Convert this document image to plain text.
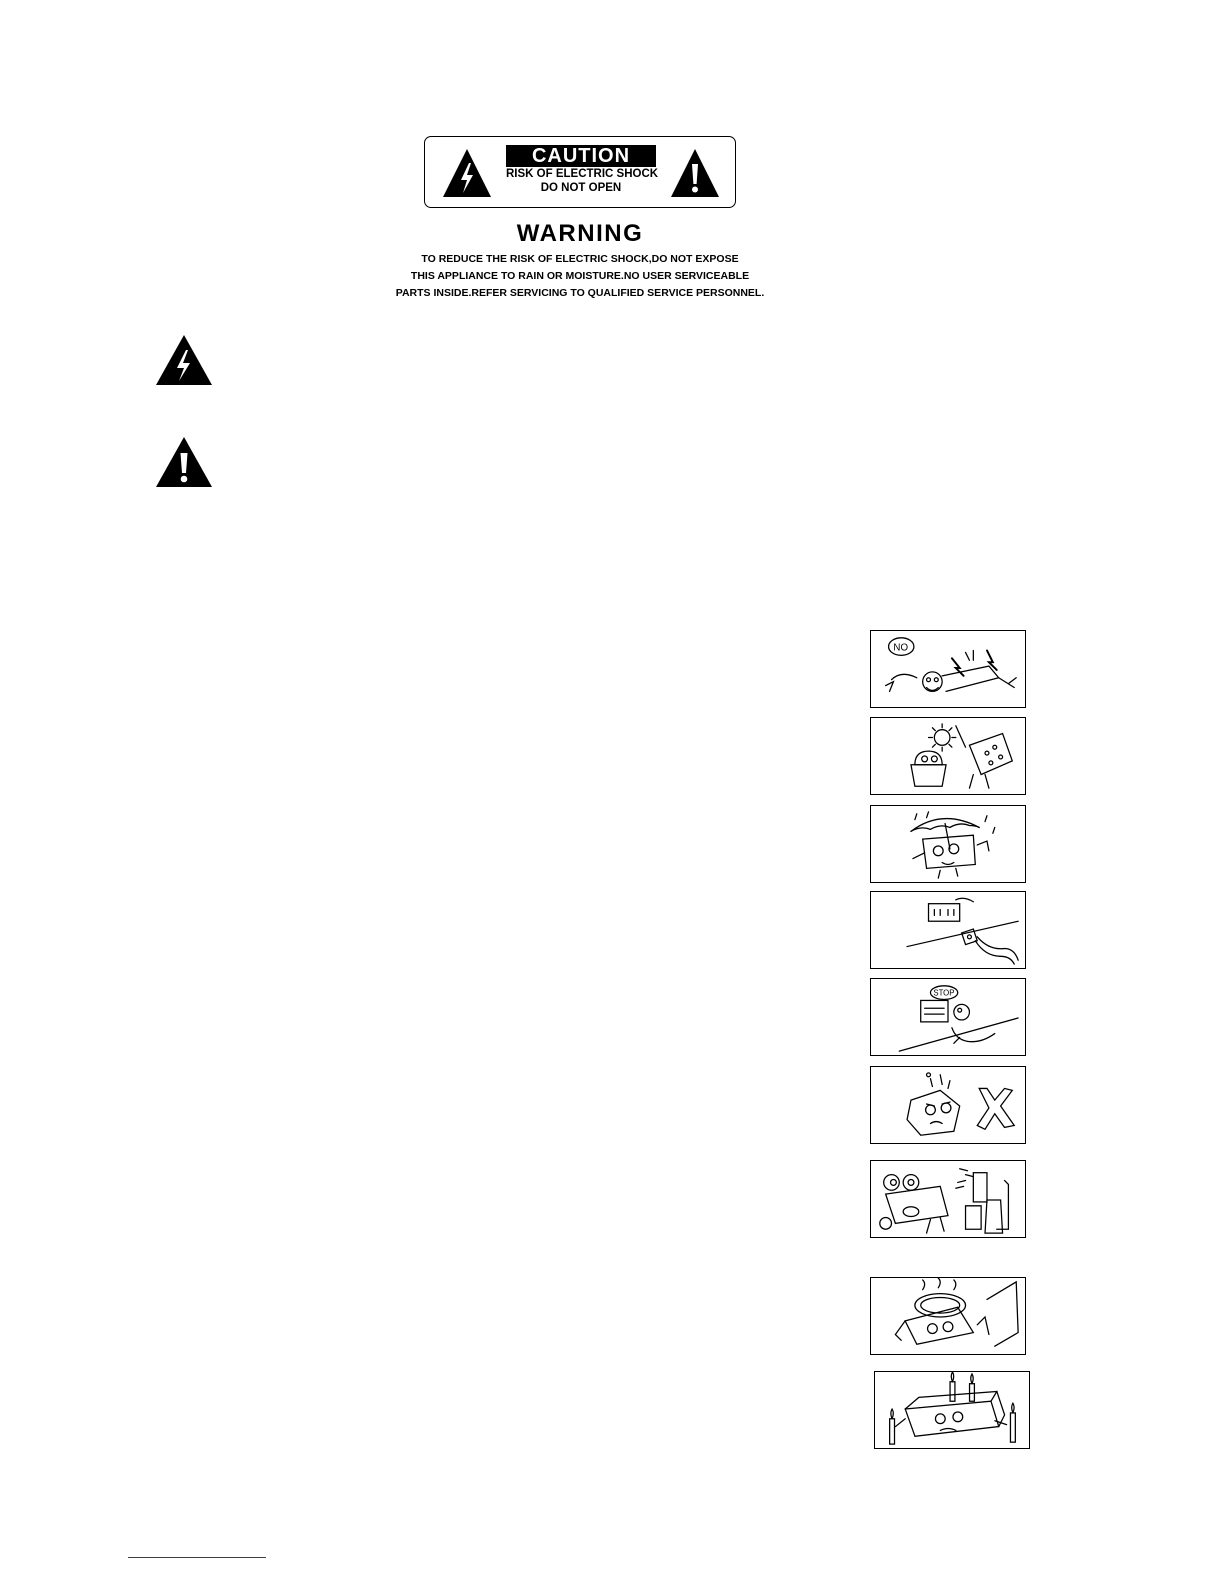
CAUTION
RISK OF ELECTRIC SHOCK
DO NOT OPEN
WARNING
TO REDUCE THE RISK OF ELECTRIC SHOCK,DO NOT EXPOSE
THIS APPLIANCE TO RAIN OR MOISTURE.NO USER SERVICEABLE
PARTS INSIDE.REFER SERVICING TO QUALIFIED SERVICE PERSONNEL.
NO
STOP
